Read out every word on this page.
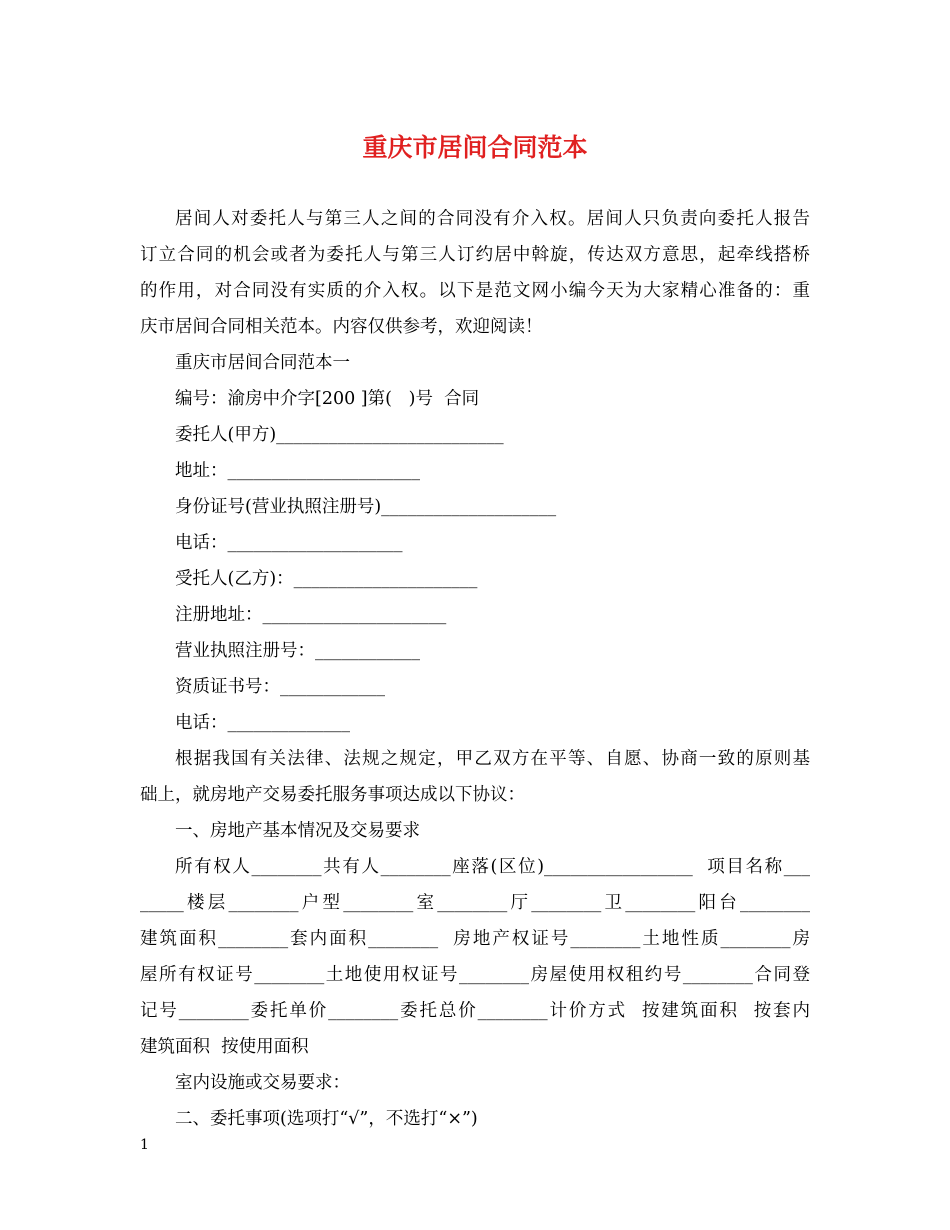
重庆市居间合同范本
居间人对委托人与第三人之间的合同没有介入权。居间人只负责向委托人报告
订立合同的机会或者为委托人与第三人订约居中斡旋，传达双方意思，起牵线搭桥
的作用，对合同没有实质的介入权。以下是范文网小编今天为大家精心准备的：重
庆市居间合同相关范本。内容仅供参考，欢迎阅读！
重庆市居间合同范本一
编号：渝房中介字[200 ]第(   )号  合同
委托人(甲方)__________________________
地址：______________________
身份证号(营业执照注册号)____________________
电话：____________________
受托人(乙方)：_____________________
注册地址：_____________________
营业执照注册号：____________
资质证书号：____________
电话：______________
根据我国有关法律、法规之规定，甲乙双方在平等、自愿、协商一致的原则基
础上，就房地产交易委托服务事项达成以下协议：
一、房地产基本情况及交易要求
所有权人________共有人________座落(区位)_________________  项目名称___
_____楼层________户型________室________厅________卫________阳台________
建筑面积________套内面积________  房地产权证号________土地性质________房
屋所有权证号________土地使用权证号________房屋使用权租约号________合同登
记号________委托单价________委托总价________计价方式  按建筑面积  按套内
建筑面积  按使用面积
室内设施或交易要求：
二、委托事项(选项打“√”，不选打“×”)
1
